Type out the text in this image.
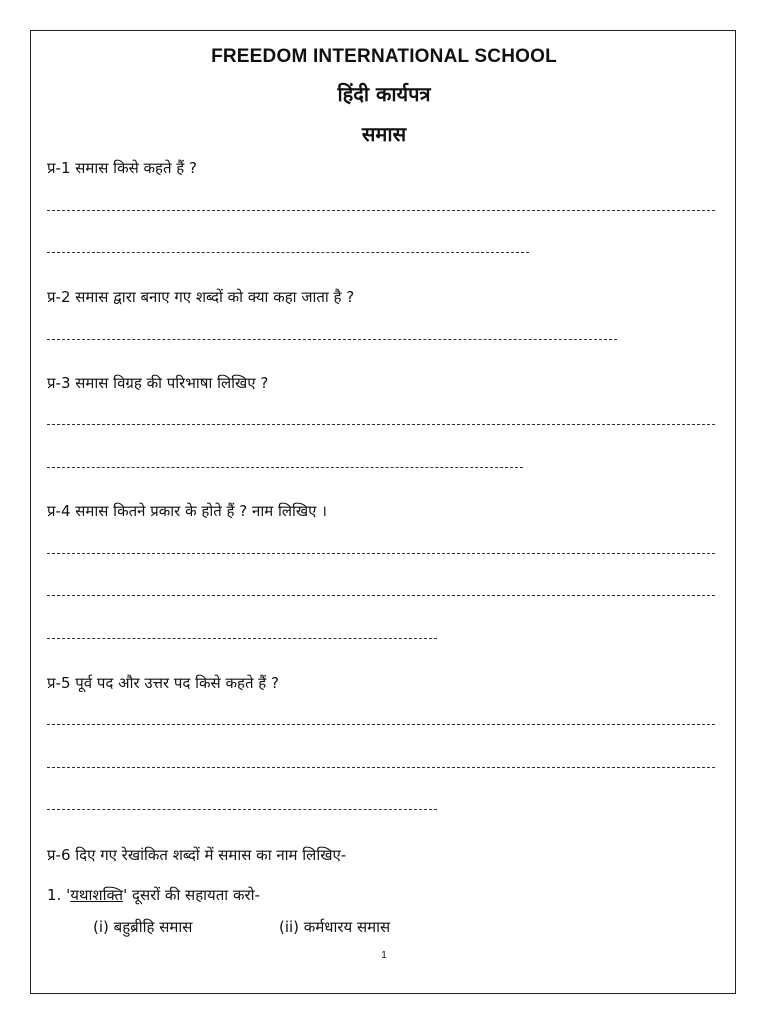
FREEDOM INTERNATIONAL SCHOOL
हिंदी कार्यपत्र
समास
प्र-1 समास किसे कहते हैं ?
प्र-2 समास द्वारा बनाए गए शब्दों को क्या कहा जाता है ?
प्र-3 समास विग्रह की परिभाषा लिखिए ?
प्र-4 समास कितने प्रकार के होते हैं ? नाम लिखिए ।
प्र-5 पूर्व पद और उत्तर पद किसे कहते हैं ?
प्र-6 दिए गए रेखांकित शब्दों में समास का नाम लिखिए-
1. 'यथाशक्ति' दूसरों की सहायता करो-
(i) बहुब्रीहि समास	(ii) कर्मधारय समास
1
